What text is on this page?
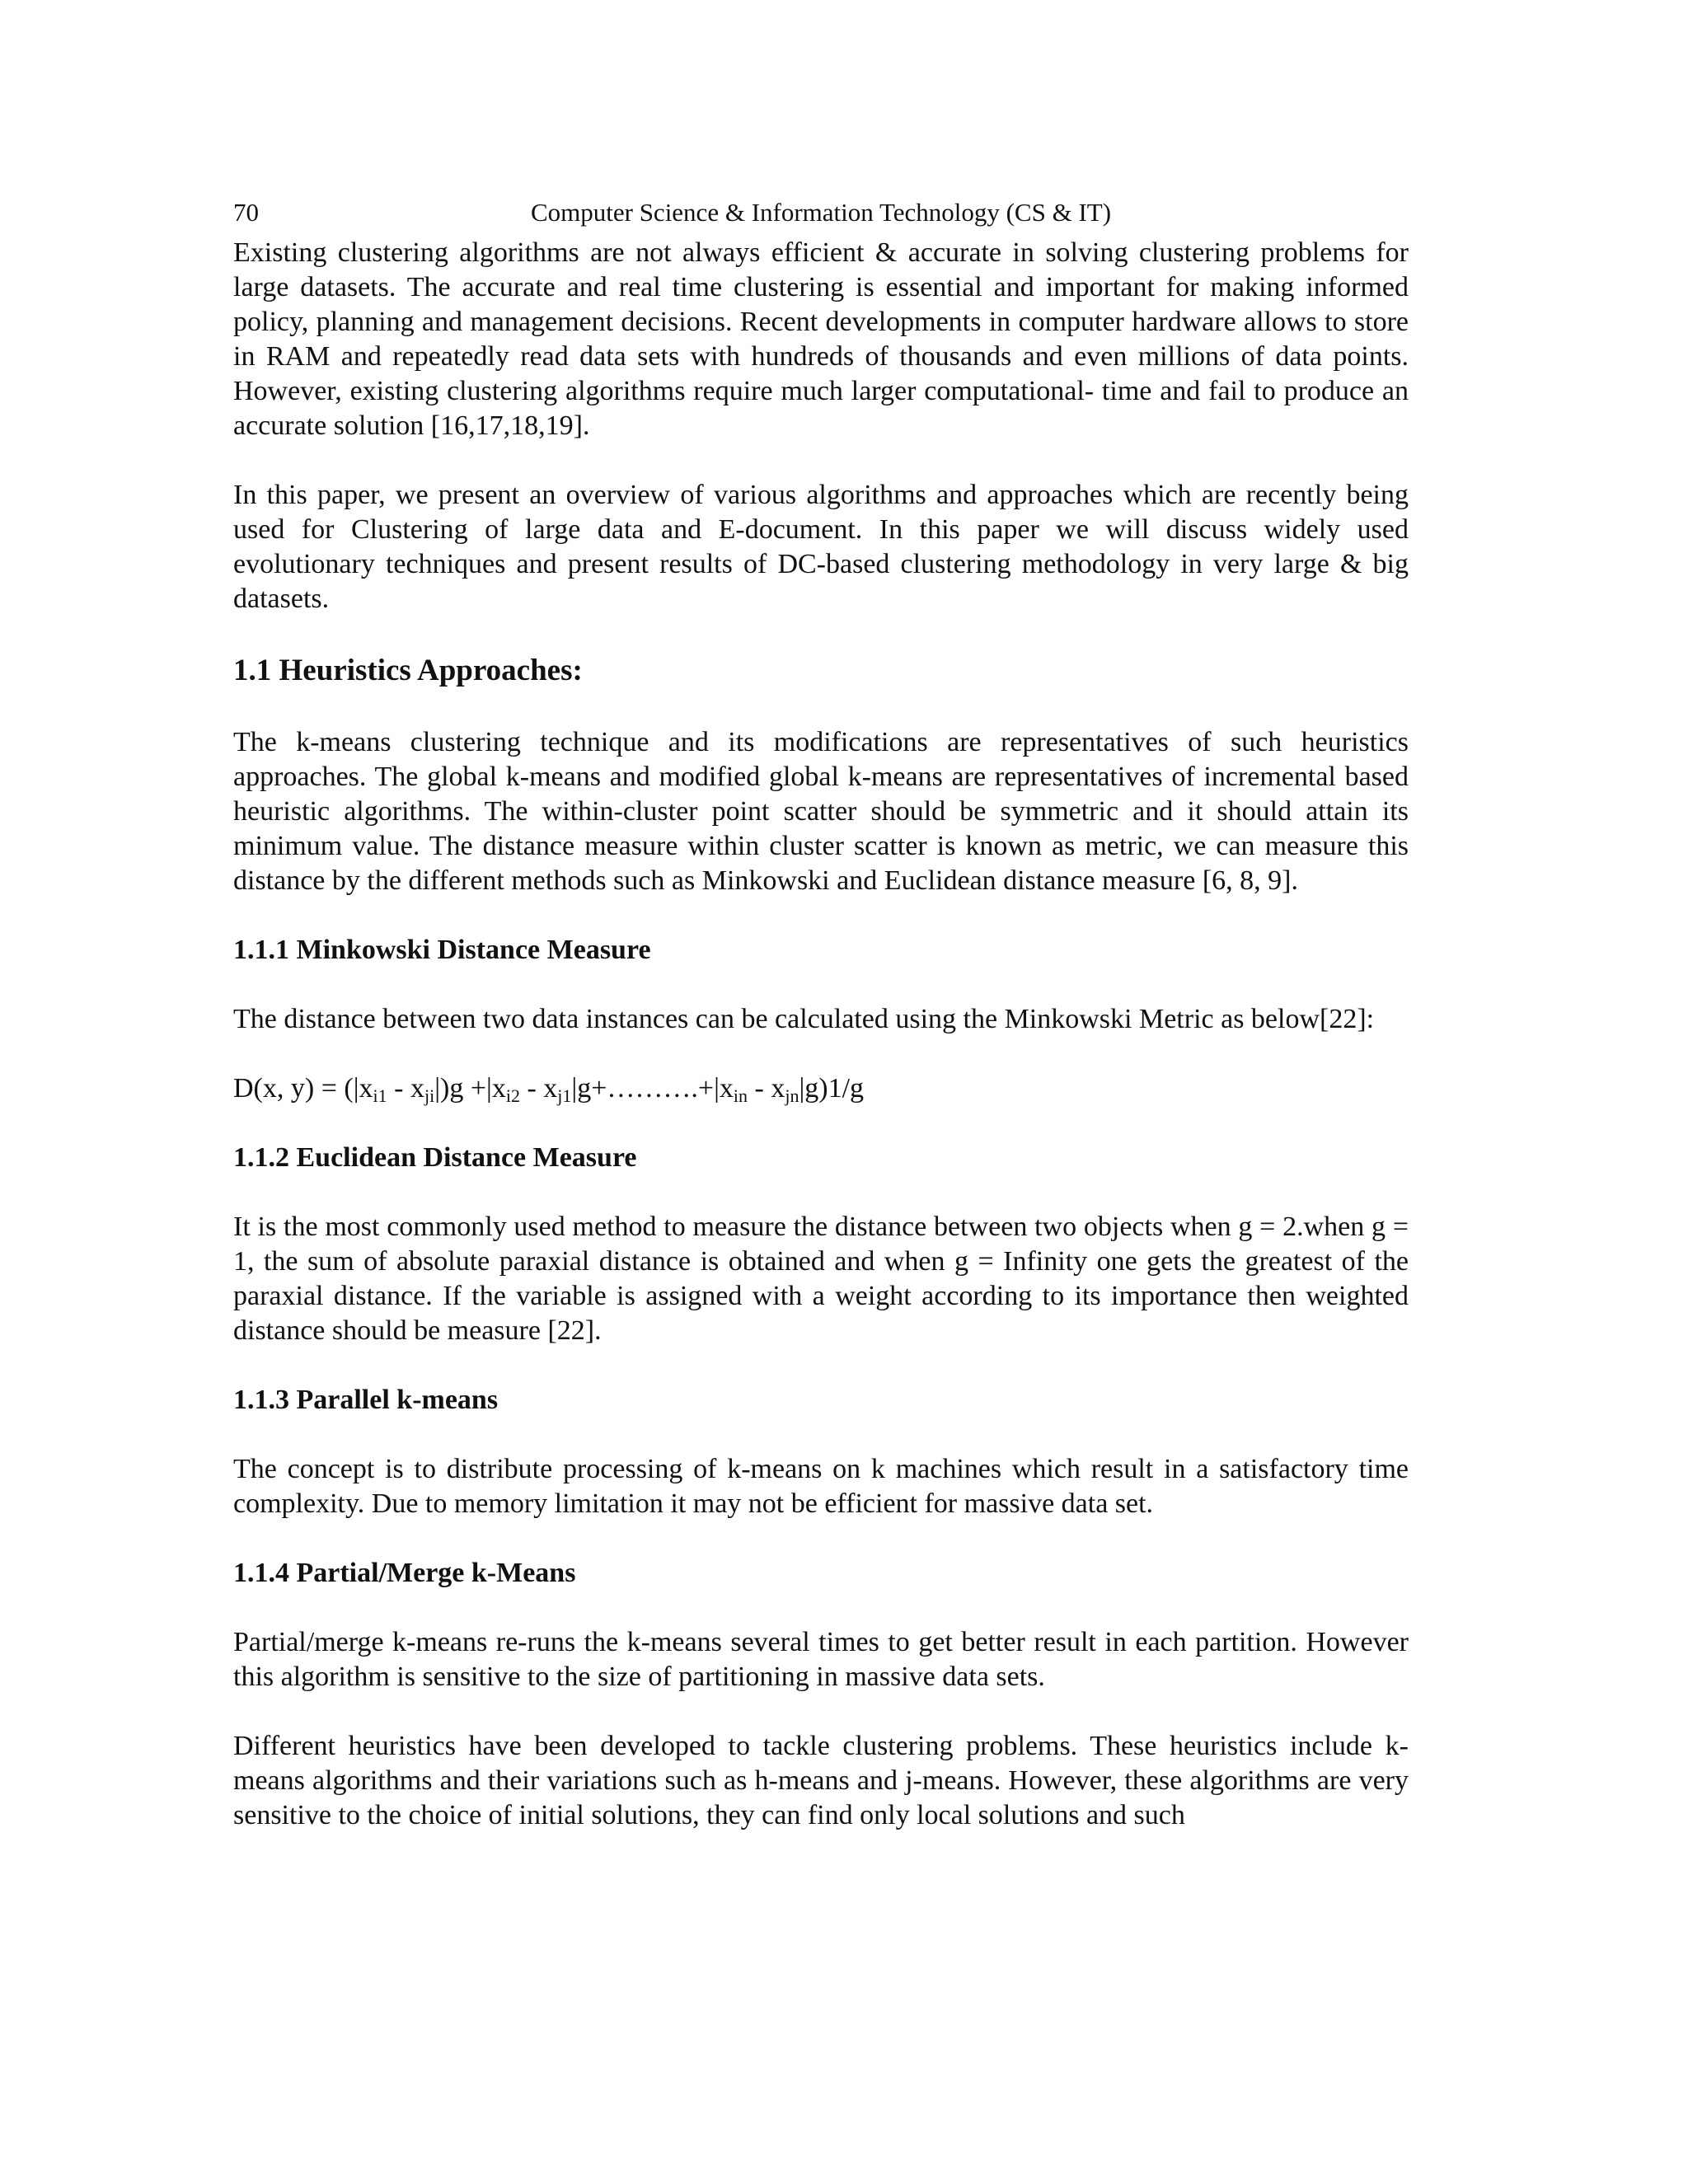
70	Computer Science & Information Technology (CS & IT)

Existing clustering algorithms are not always efficient & accurate in solving clustering problems for large datasets. The accurate and real time clustering is essential and important for making informed policy, planning and management decisions. Recent developments in computer hardware allows to store in RAM and repeatedly read data sets with hundreds of thousands and even millions of data points. However, existing clustering algorithms require much larger computational- time and fail to produce an accurate solution [16,17,18,19].

In this paper, we present an overview of various algorithms and approaches which are recently being used for Clustering of large data and E-document. In this paper we will discuss widely used evolutionary techniques and present results of DC-based clustering methodology in very large & big datasets.

1.1 Heuristics Approaches:

The k-means clustering technique and its modifications are representatives of such heuristics approaches. The global k-means and modified global k-means are representatives of incremental based heuristic algorithms. The within-cluster point scatter should be symmetric and it should attain its minimum value. The distance measure within cluster scatter is known as metric, we can measure this distance by the different methods such as Minkowski and Euclidean distance measure [6, 8, 9].

1.1.1 Minkowski Distance Measure

The distance between two data instances can be calculated using the Minkowski Metric as below[22]:

D(x, $y) = (|x_{i1} - x_{ji}|)g +|x_{i2}$ - $x_{j1}|g+\dots\dots\dots.+|x_{in} - x_{jn}|g)1/g$
1.1.2 Euclidean Distance Measure

It is the most commonly used method to measure the distance between two objects when g = 2.when g = 1, the sum of absolute paraxial distance is obtained and when g = Infinity one gets the greatest of the paraxial distance. If the variable is assigned with a weight according to its importance then weighted distance should be measure [22].

1.1.3 Parallel k-means

The concept is to distribute processing of k-means on k machines which result in a satisfactory time complexity. Due to memory limitation it may not be efficient for massive data set.

1.1.4 Partial/Merge k-Means

Partial/merge k-means re-runs the k-means several times to get better result in each partition. However this algorithm is sensitive to the size of partitioning in massive data sets.

Different heuristics have been developed to tackle clustering problems. These heuristics include k-means algorithms and their variations such as h-means and j-means. However, these algorithms are very sensitive to the choice of initial solutions, they can find only local solutions and such
